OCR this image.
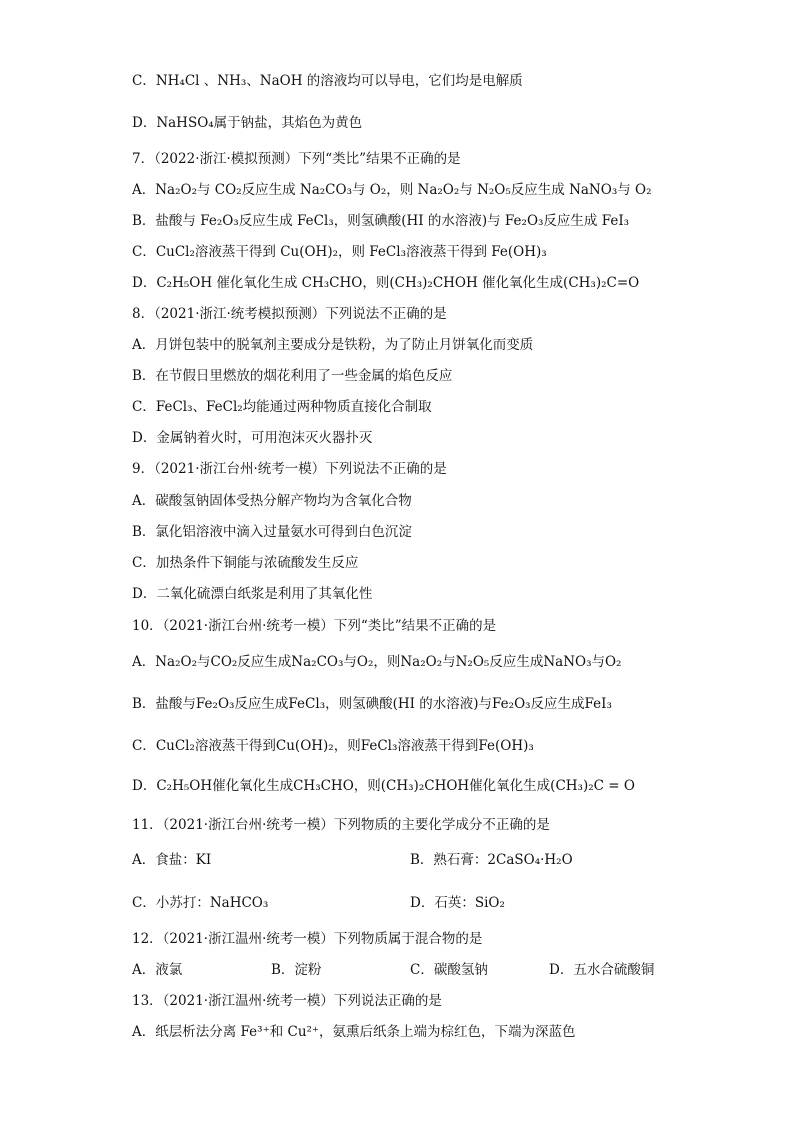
C．NH₄Cl 、NH₃、NaOH 的溶液均可以导电，它们均是电解质
D．NaHSO₄属于钠盐，其焰色为黄色
7．（2022·浙江·模拟预测）下列“类比”结果不正确的是
A．Na₂O₂与 CO₂反应生成 Na₂CO₃与 O₂，则 Na₂O₂与 N₂O₅反应生成 NaNO₃与 O₂
B．盐酸与 Fe₂O₃反应生成 FeCl₃，则氢碘酸(HI 的水溶液)与 Fe₂O₃反应生成 FeI₃
C．CuCl₂溶液蒸干得到 Cu(OH)₂，则 FeCl₃溶液蒸干得到 Fe(OH)₃
D．C₂H₅OH 催化氧化生成 CH₃CHO，则(CH₃)₂CHOH 催化氧化生成(CH₃)₂C=O
8．（2021·浙江·统考模拟预测）下列说法不正确的是
A．月饼包装中的脱氧剂主要成分是铁粉，为了防止月饼氧化而变质
B．在节假日里燃放的烟花利用了一些金属的焰色反应
C．FeCl₃、FeCl₂均能通过两种物质直接化合制取
D．金属钠着火时，可用泡沫灭火器扑灭
9．（2021·浙江台州·统考一模）下列说法不正确的是
A．碳酸氢钠固体受热分解产物均为含氧化合物
B．氯化铝溶液中滴入过量氨水可得到白色沉淀
C．加热条件下铜能与浓硫酸发生反应
D．二氧化硫漂白纸浆是利用了其氧化性
10．（2021·浙江台州·统考一模）下列“类比”结果不正确的是
A．Na₂O₂与CO₂反应生成Na₂CO₃与O₂，则Na₂O₂与N₂O₅反应生成NaNO₃与O₂
B．盐酸与Fe₂O₃反应生成FeCl₃，则氢碘酸(HI 的水溶液)与Fe₂O₃反应生成FeI₃
C．CuCl₂溶液蒸干得到Cu(OH)₂，则FeCl₃溶液蒸干得到Fe(OH)₃
D．C₂H₅OH催化氧化生成CH₃CHO，则(CH₃)₂CHOH催化氧化生成(CH₃)₂C = O
11．（2021·浙江台州·统考一模）下列物质的主要化学成分不正确的是
A．食盐：KI	B．熟石膏：2CaSO₄·H₂O
C．小苏打：NaHCO₃	D．石英：SiO₂
12．（2021·浙江温州·统考一模）下列物质属于混合物的是
A．液氯	B．淀粉	C．碳酸氢钠	D．五水合硫酸铜
13．（2021·浙江温州·统考一模）下列说法正确的是
A．纸层析法分离 Fe³⁺和 Cu²⁺，氨熏后纸条上端为棕红色，下端为深蓝色
